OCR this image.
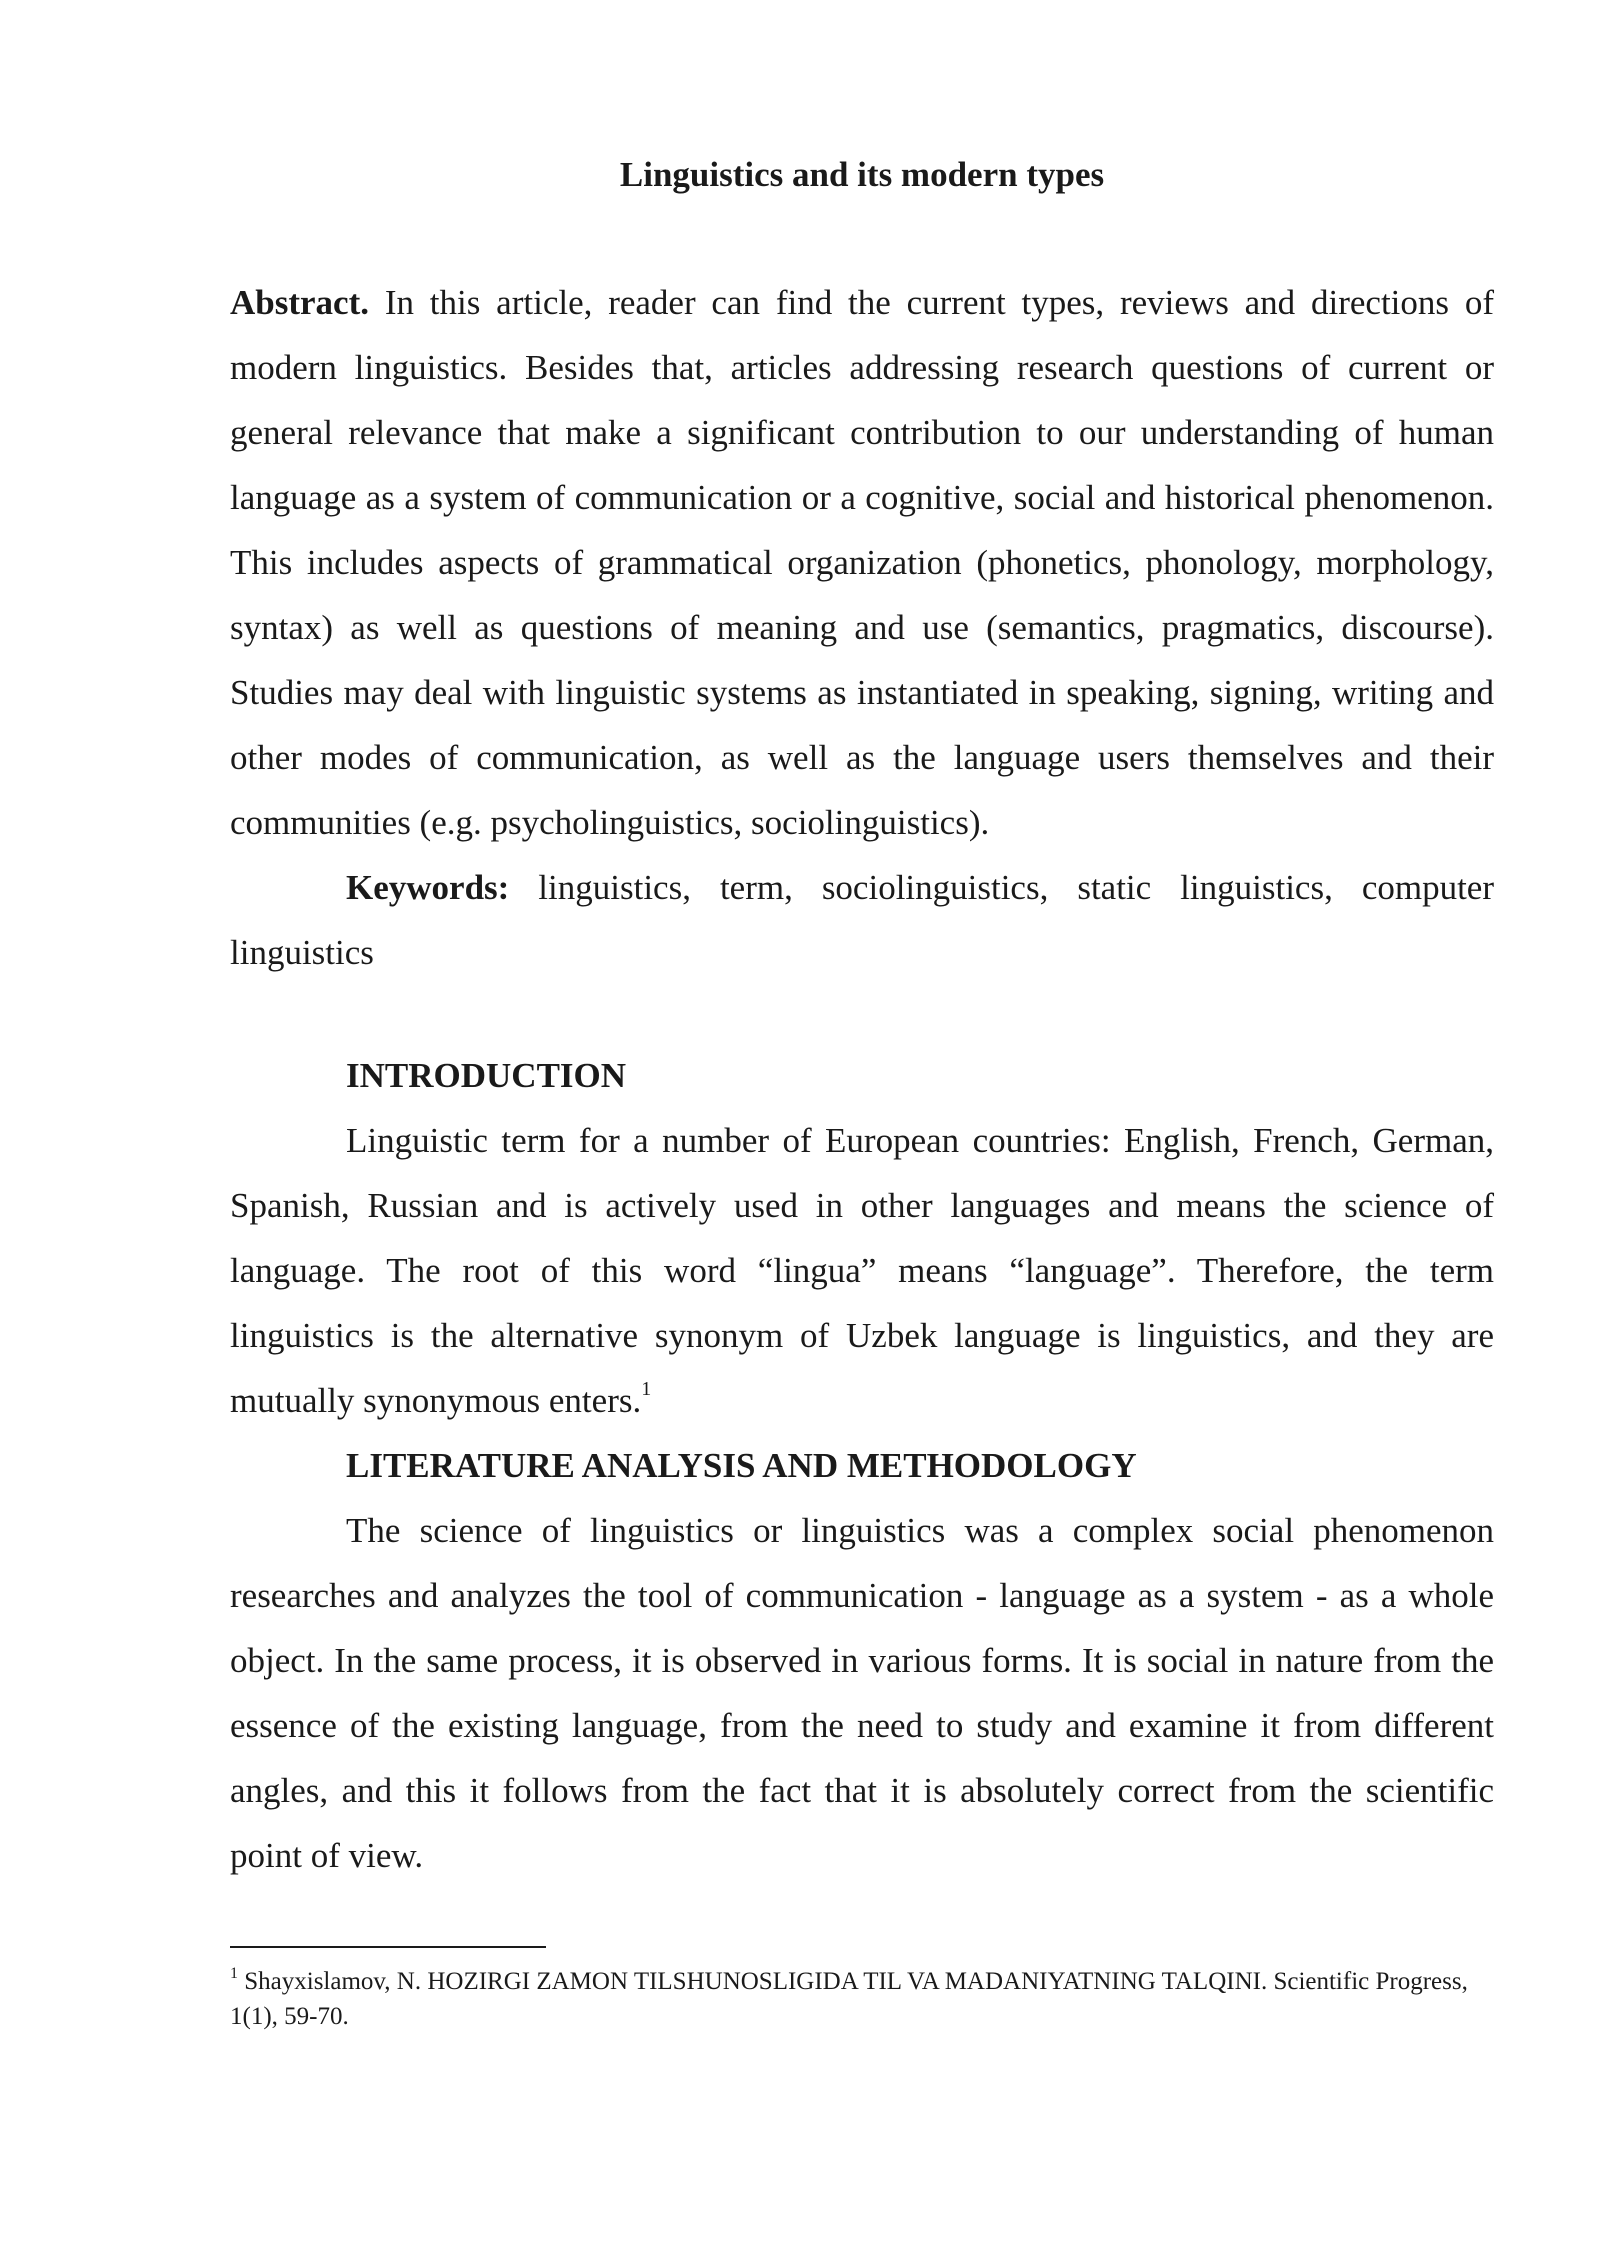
Linguistics and its modern types

Abstract. In this article, reader can find the current types, reviews and directions of modern linguistics. Besides that, articles addressing research questions of current or general relevance that make a significant contribution to our understanding of human language as a system of communication or a cognitive, social and historical phenomenon. This includes aspects of grammatical organization (phonetics, phonology, morphology, syntax) as well as questions of meaning and use (semantics, pragmatics, discourse). Studies may deal with linguistic systems as instantiated in speaking, signing, writing and other modes of communication, as well as the language users themselves and their communities (e.g. psycholinguistics, sociolinguistics).

Keywords: linguistics, term, sociolinguistics, static linguistics, computer linguistics

INTRODUCTION

Linguistic term for a number of European countries: English, French, German, Spanish, Russian and is actively used in other languages and means the science of language. The root of this word “lingua” means “language”. Therefore, the term linguistics is the alternative synonym of Uzbek language is linguistics, and they are mutually synonymous enters.$^1$

LITERATURE ANALYSIS AND METHODOLOGY

The science of linguistics or linguistics was a complex social phenomenon researches and analyzes the tool of communication - language as a system - as a whole object. In the same process, it is observed in various forms. It is social in nature from the essence of the existing language, from the need to study and examine it from different angles, and this it follows from the fact that it is absolutely correct from the scientific point of view.

$^1$ Shayxislamov, N. HOZIRGI ZAMON TILSHUNOSLIGIDA TIL VA MADANIYATNING TALQINI. Scientific Progress, 1(1), 59-70.
